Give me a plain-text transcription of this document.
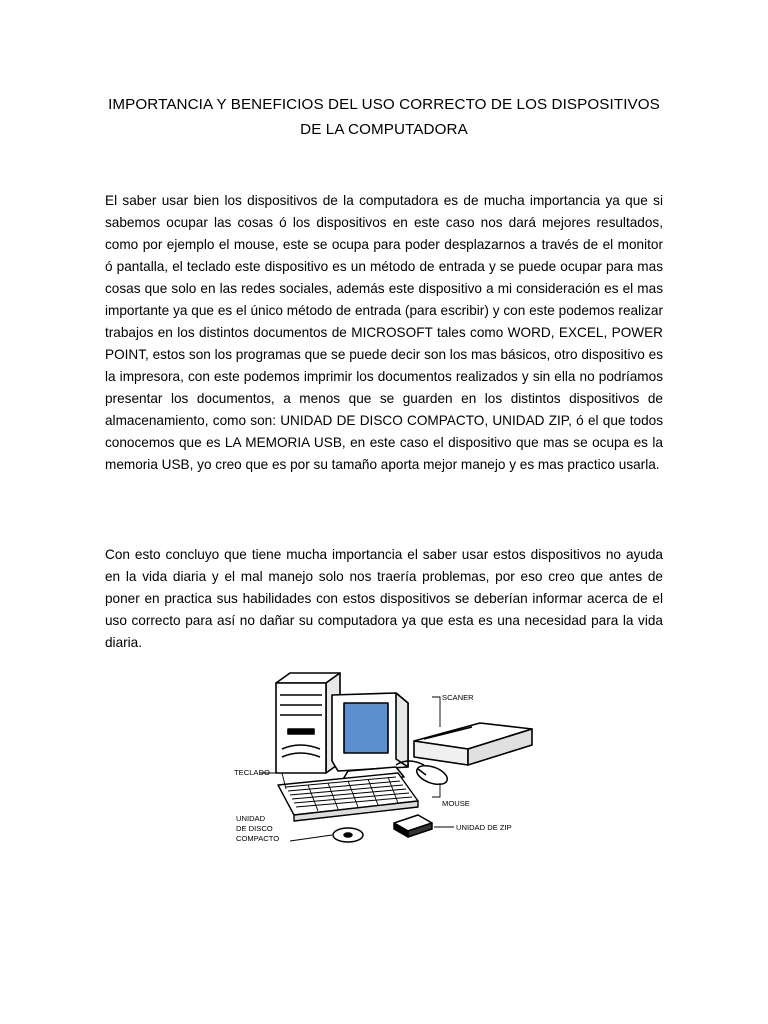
IMPORTANCIA Y BENEFICIOS DEL USO CORRECTO DE LOS DISPOSITIVOS DE LA COMPUTADORA

El saber usar bien los dispositivos de la computadora es de mucha importancia ya que si sabemos ocupar las cosas ó los dispositivos en este caso nos dará mejores resultados, como por ejemplo el mouse, este se ocupa para poder desplazarnos a través de el monitor ó pantalla, el teclado este dispositivo es un método de entrada y se puede ocupar para mas cosas que solo en las redes sociales, además este dispositivo a mi consideración es el mas importante ya que es el único método de entrada (para escribir) y con este podemos realizar trabajos en los distintos documentos de MICROSOFT tales como WORD, EXCEL, POWER POINT, estos son los programas que se puede decir son los mas básicos, otro dispositivo es la impresora, con este podemos imprimir los documentos realizados y sin ella no podríamos presentar los documentos, a menos que se guarden en los distintos dispositivos de almacenamiento, como son: UNIDAD DE DISCO COMPACTO, UNIDAD ZIP, ó el que todos conocemos que es LA MEMORIA USB, en este caso el dispositivo que mas se ocupa es la memoria USB, yo creo que es por su tamaño aporta mejor manejo y es mas practico usarla.

Con esto concluyo que tiene mucha importancia el saber usar estos dispositivos no ayuda en la vida diaria y el mal manejo solo nos traería problemas, por eso creo que antes de poner en practica sus habilidades con estos dispositivos se deberían informar acerca de el uso correcto para así no dañar su computadora ya que esta es una necesidad para la vida diaria.

SCANER
TECLADO
MOUSE
UNIDAD
DE DISCO
COMPACTO
UNIDAD DE ZIP
